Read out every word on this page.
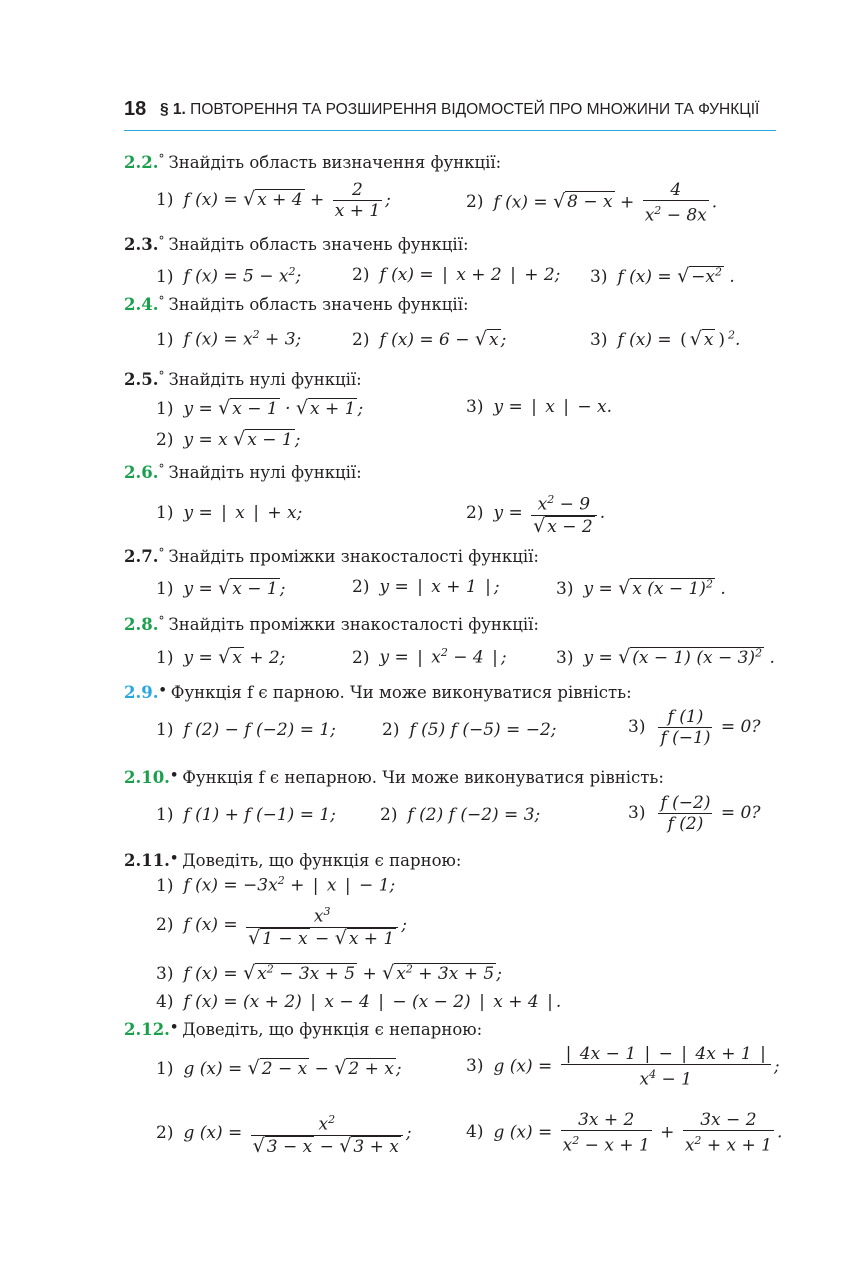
18 § 1. ПОВТОРЕННЯ ТА РОЗШИРЕННЯ ВІДОМОСТЕЙ ПРО МНОЖИНИ ТА ФУНКЦІЇ
2.2.° Знайдіть область визначення функції:
1) f (x) = √ $x + 4 + \frac{2}{x + 1}$ ;	2) f (x) = √ $8 - x + \frac{4}{x^2 - 8x}$ .
2.3.° Знайдіть область значень функції:
1) f $(x) = 5 - x^2$;	2) f (x) = | x + 2 | + 2; 3) f (x) = √ $-x^2$ .
2.4.° Знайдіть область значень функції:
1) f $(x) = x^2 + 3$;	2) f (x) = 6 − √ x ;	3) f (x) = ( √ x ) $^2$.
2.5.° Знайдіть нулі функції:
1) y = √ x − 1 · √ x + 1 ;	3) y = | x | − x.
2) y = x √ x − 1 ;
2.6.° Знайдіть нулі функції:
1) y = | x | + x;	2) $y = \frac{x^2 - 9}{√ x - 2}$ .
2.7.° Знайдіть проміжки знакосталості функції:
1) y = √ x − 1 ;	2) y = | x + 1 | ;	3) y = √ x $(x - 1)^2$ .
2.8.° Знайдіть проміжки знакосталості функції:
1) y = √ x + 2;	2) y = | $x^2 - 4$ | ;	3) y = √ (x − 1) $(x - 3)^2$ .
2.9.• Функція f є парною. Чи може виконуватися рівність:
1) f (2) − f (−2) = 1;	2) f (5) f (−5) = −2;	$3) \frac{f (1)}{f (-1)} = 0$?
2.10.• Функція f є непарною. Чи може виконуватися рівність:
1) f (1) + f (−1) = 1;	2) f (2) f (−2) = 3;	$3) \frac{f (-2)}{f (2)} = 0$?
2.11.• Доведіть, що функція є парною:
1) f $(x) = -3x^2$ + | x | − 1;
2) f $(x) = \frac{x^3}{√ 1 - x - √ x + 1}$ ;
3) f (x) = √ $x^2 - 3x + 5$ + √ $x^2 + 3x + 5$ ;
4) f (x) = (x + 2) | x − 4 | − (x − 2) | x + 4 | .
2.12.• Доведіть, що функція є непарною:
1) g (x) = √ 2 − x − √ 2 + x ;	3) g $(x) = \frac{| 4x - 1 | - | 4x + 1 |}{x^4 - 1}$ ;
2) g $(x) = \frac{x^2}{√ 3 - x - √ 3 + x}$ ;	4) g $(x) = \frac{3x + 2}{x^2 - x + 1} + \frac{3x - 2}{x^2 + x + 1}$ .
